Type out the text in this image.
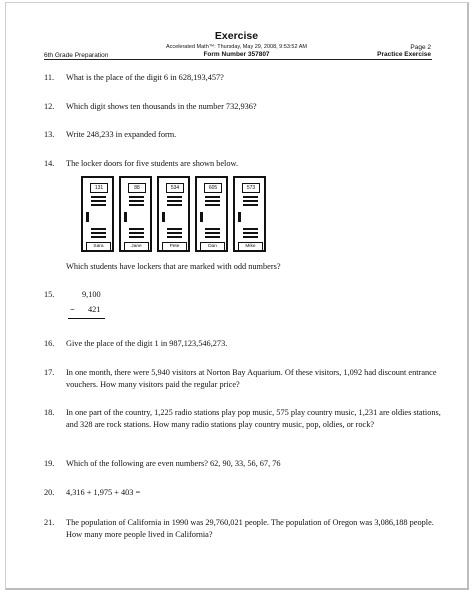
Exercise
Accelerated Math™: Thursday, May 29, 2008, 9:53:52 AM
Form Number 357807
6th Grade Preparation
Page 2
Practice Exercise
11. What is the place of the digit 6 in 628,193,457?
12. Which digit shows ten thousands in the number 732,936?
13. Write 248,233 in expanded form.
14. The locker doors for five students are shown below.
131
Sara
88
Jane
534
Pete
605
Dan
573
Mike
Which students have lockers that are marked with odd numbers?
15.	9,100
− 421
16. Give the place of the digit 1 in 987,123,546,273.
17. In one month, there were 5,940 visitors at Norton Bay Aquarium. Of these visitors, 1,092 had discount entrance vouchers. How many visitors paid the regular price?
18. In one part of the country, 1,225 radio stations play pop music, 575 play country music, 1,231 are oldies stations, and 328 are rock stations. How many radio stations play country music, pop, oldies, or rock?
19. Which of the following are even numbers? 62, 90, 33, 56, 67, 76
20. 4,316 + 1,975 + 403 =
21. The population of California in 1990 was 29,760,021 people. The population of Oregon was 3,086,188 people. How many more people lived in California?
